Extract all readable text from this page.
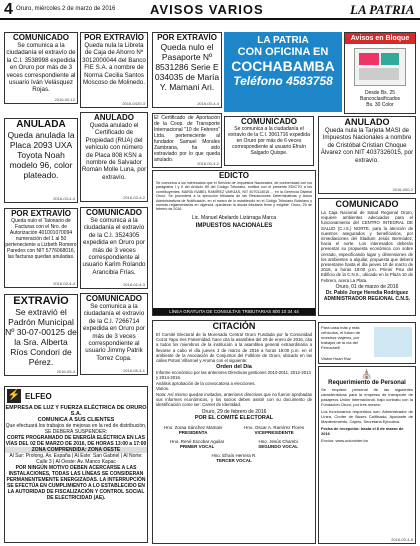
4 Oruro, miércoles 2 de marzo de 2016	AVISOS VARIOS	LA PATRIA
COMUNICADO
Se comunica a la ciudadanía el extravío de la C.I. 3538998 expedida en Oruro por más de 3 veces correspondiente al usuario Iván Velásquez Rojas.
2016-00-12
ANULADA
Queda anulada la Placa 2093 UXA Toyota Noah modelo 96, color plateado.
2016-03-4-4
POR EXTRAVÍO
Queda nulo el Talonario de Facturas con el Nro. de Autorización 401001070094 numeración del 1 al 50 perteneciente a Lizbeth Romero Paredes con NIT 5776068016, las facturas quedan anuladas.
2016-02-4-4
EXTRAVÍO
Se extravió el Padrón Municipal Nº 30-07-00125 de la Sra. Alberta Ríos Condori de Pérez.
2016-05-4
POR EXTRAVÍO
Queda nula la Libreta de Caja de Ahorro Nº 3012000044 del Banco FIE S.A. a nombre de Norma Cecilia Santos Moscoso de Molinedo.
2016-0420-3
ANULADO
Queda anulado el Certificado de Propiedad (RUA) del vehículo con número de Placa 808 KSN a nombre de Salvador Román Molle Luna, por extravío.
2016-03-4-2
COMUNICADO
Se comunica a la ciudadanía el extravío de la C.I. 3524305 expedida en Oruro por más de 3 veces correspondiente al usuario Karim Rolando Arancibia Frías.
2016-02-4-3
COMUNICADO
Se comunica a la ciudadanía el extravío de la C.I. 7266714 expedida en Oruro por más de 3 veces correspondiente al usuario Jimmy Patrik Torrez Copa.
2016-05-4-1
⚡ ELFEO
EMPRESA DE LUZ Y FUERZA ELÉCTRICA DE ORURO S.A.
COMUNICA A SUS CLIENTES
Que efectuará los trabajos de mejoras en la red de distribución, SE DEBERÁ SUSPENDER:
CORTE PROGRAMADO DE ENERGÍA ELÉCTRICA EN LAS VÍAS DEL 02 DE MARZO DE 2016, DE HORAS 13:00 a 17:00
ZONA COMPRENDIDA: ZONA OESTE
Al Sur: Prolong. Av. España | Al Este: San Gabriel | Al Norte: Calle 3 | Al Oeste: Av. Manco Kapac
POR NINGÚN MOTIVO DEBEN ACERCARSE A LAS INSTALACIONES, TODAS LAS LÍNEAS SE CONSIDERAN PERMANENTEMENTE ENERGIZADAS. LA INTERRUPCIÓN SE EFECTÚA EN CUMPLIMIENTO A LO ESTABLECIDO EN LA AUTORIDAD DE FISCALIZACIÓN Y CONTROL SOCIAL DE ELECTRICIDAD (AE).
POR EXTRAVÍO
Queda nulo el Pasaporte Nº 8531286 Serie E 034035 de María Y. Mamani Ari.
2016-00-4-4
El Certificado de Aportación de la Coop. de Transporte Internacional "10 de Febrero" Ltda. perteneciente al fundador Samuel Morales Zambrana, ha sido extraviado por lo que queda anulado.
2016-00-4-2
LA PATRIA
CON OFICINA EN
COCHABAMBA
Teléfono 4583758
Avisos en Bloque
Desde Bs. 25 Bancoclasificados
Bs. 30 Color
COMUNICADO
Se comunica a la ciudadanía el extravío de la C.I. 3061716 expedida en Oruro por más de 6 veces correspondiente al usuario Efraín Salgado Quispe.
ANULADO
Queda nula la Tarjeta MASI de Impuestos Nacionales a nombre de Cristóbal Cristian Choque Álvarez con NIT 4037326015, por extravío.
2016-050-2
EDICTO
Se comunica a los interesados que el Servicio de Impuestos Nacionales, de conformidad con los parágrafos I y II del Artículo 89 del Código Tributario, notifica con el presente EDICTO a los contribuyentes: MARÍA ISABEL RAMÍREZ VARGAS, NIT 4070114016 ... en la Gerencia Distrital Oruro. Se procederá a la ejecución tributaria de las Resoluciones Determinativas y Autos Administrativos de Notificación, en el marco de lo establecido en el Código Tributario Boliviano y normas reglamentarias en vigencia, quedando la deuda tributaria firme y exigible. Oruro, 29 de febrero de 2016.
Lic. Manuel Abelardo Lizárraga Marca
IMPUESTOS NACIONALES
LÍNEA GRATUITA DE CONSULTAS TRIBUTARIAS 800 10 34 44
COMUNICADO
La Caja Nacional de Salud Regional Oruro, requiere ambientes adecuados para el funcionamiento del CENTRO INTEGRAL DE SALUD (C.I.S.) NORTE, para la atención de nuestros asegurados y beneficiarios, por inmediaciones del Stadium Jesús Bermúdez, hacia el norte. Los interesados deberán presentar su propuesta económica con sobre cerrado, especificando lugar y dimensiones de los ambientes a alquilar, propuesta que deberá presentarse hasta el día jueves 10 de marzo de 2016, a horas 18:00 p.m. Primer Piso del Edificio de la C.N.S., ubicado en la Plaza 10 de Febrero, acera La Plata.
Oruro, 01 de marzo de 2016
Dr. Pablo Jorge Heredia Rodríguez
ADMINISTRADOR REGIONAL C.N.S.
CITACIÓN
El Comité Electoral de la Morenada Central Oruro Fundada por la Comunidad Cozot Yapu tres Fraternidad, hace cita la asamblea del 29 de enero de 2016, cita a todos los miembros de la institución a la asamblea general extraordinaria a llevarse a cabo el día jueves 3 de marzo de 2016 a horas 19:00 p.m. en el ambiente de la Asociación de Conjuntos del Folklore de Oruro, ubicado en las calles Potosí Villarroel y Aroma con el siguiente:
Orden del Día
Informe económico por las anteriores Directivas gestiones 2010-2011, 2012-2013 y 2014-2016.
Análisis aprobación de la convocatoria a elecciones.
Varios.
Nota: Así mismo quedan invitados, anteriores directivos que no fueron aprobadas sus informes económicos, y los socios deben asistir con su documento de identificación como ser: Carnet de Identidad.
Oruro, 29 de febrero de 2016
POR EL COMITÉ ELECTORAL
Hno. Zoraa Sánchez Mamani
PRESIDENTA
Hno. Oscar A. Ramírez Flores
VICEPRESIDENTE
Hno. René Escobar Aguilar
PRIMER VOCAL
Hno. Jesús Chambi
SEGUNDO VOCAL
Hno. Efraín Herrera R.
TERCER VOCAL
Para casa más y más vehículos, el futuro de nuestros viajeros, por trabajos de la vía del Ferrocarril!
Visitar Huari Ruz
⛪
Requerimiento de Personal
Se requiere personal de las siguientes características para la empresa de transporte de pasajeros Unión Internacional, bajo contrato con la Fundación Oruro, por tres meses:
Los funcionarios requeridos son: Administrador de Línea, Chofer de Buses Calificado, Ayudante de Mantenimiento, Cajero, Secretaria Ejecutiva.
Fecha de recepción: hasta el 8 de marzo de 2016
Envíos: www.unioninter.bo
2016-00-4-5
